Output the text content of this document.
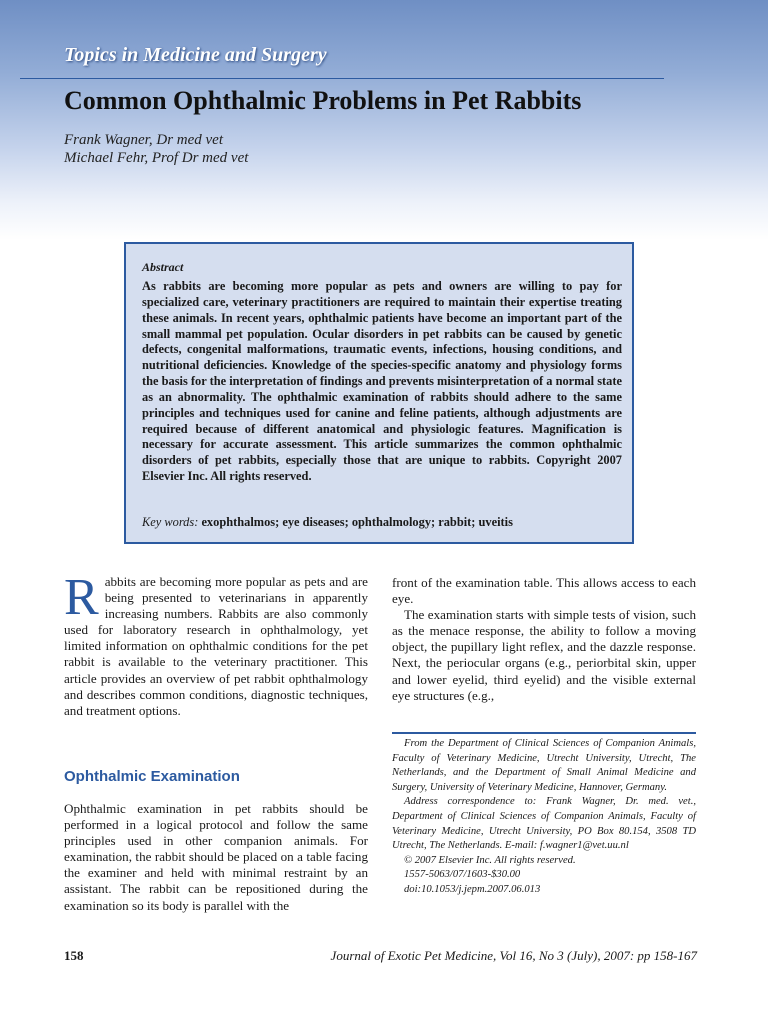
Topics in Medicine and Surgery
Common Ophthalmic Problems in Pet Rabbits
Frank Wagner, Dr med vet
Michael Fehr, Prof Dr med vet
Abstract

As rabbits are becoming more popular as pets and owners are willing to pay for specialized care, veterinary practitioners are required to maintain their expertise treating these animals. In recent years, ophthalmic patients have become an important part of the small mammal pet population. Ocular disorders in pet rabbits can be caused by genetic defects, congenital malformations, traumatic events, infections, housing conditions, and nutritional deficiencies. Knowledge of the species-specific anatomy and physiology forms the basis for the interpretation of findings and prevents misinterpretation of a normal state as an abnormality. The ophthalmic examination of rabbits should adhere to the same principles and techniques used for canine and feline patients, although adjustments are required because of different anatomical and physiologic features. Magnification is necessary for accurate assessment. This article summarizes the common ophthalmic disorders of pet rabbits, especially those that are unique to rabbits. Copyright 2007 Elsevier Inc. All rights reserved.

Key words: exophthalmos; eye diseases; ophthalmology; rabbit; uveitis
R abbits are becoming more popular as pets and are being presented to veterinarians in apparently increasing numbers. Rabbits are also commonly used for laboratory research in ophthalmology, yet limited information on ophthalmic conditions for the pet rabbit is available to the veterinary practitioner. This article provides an overview of pet rabbit ophthalmology and describes common conditions, diagnostic techniques, and treatment options.

Ophthalmic Examination

Ophthalmic examination in pet rabbits should be performed in a logical protocol and follow the same principles used in other companion animals. For examination, the rabbit should be placed on a table facing the examiner and held with minimal restraint by an assistant. The rabbit can be repositioned during the examination so its body is parallel with the

front of the examination table. This allows access to each eye.

The examination starts with simple tests of vision, such as the menace response, the ability to follow a moving object, the pupillary light reflex, and the dazzle response. Next, the periocular organs (e.g., periorbital skin, upper and lower eyelid, third eyelid) and the visible external eye structures (e.g.,

From the Department of Clinical Sciences of Companion Animals, Faculty of Veterinary Medicine, Utrecht University, Utrecht, The Netherlands, and the Department of Small Animal Medicine and Surgery, University of Veterinary Medicine, Hannover, Germany.

Address correspondence to: Frank Wagner, Dr. med. vet., Department of Clinical Sciences of Companion Animals, Faculty of Veterinary Medicine, Utrecht University, PO Box 80.154, 3508 TD Utrecht, The Netherlands. E-mail: f.wagner1@vet.uu.nl

© 2007 Elsevier Inc. All rights reserved.

1557-5063/07/1603-$30.00

doi:10.1053/j.jepm.2007.06.013

158	Journal of Exotic Pet Medicine, Vol 16, No 3 (July), 2007: pp 158-167
